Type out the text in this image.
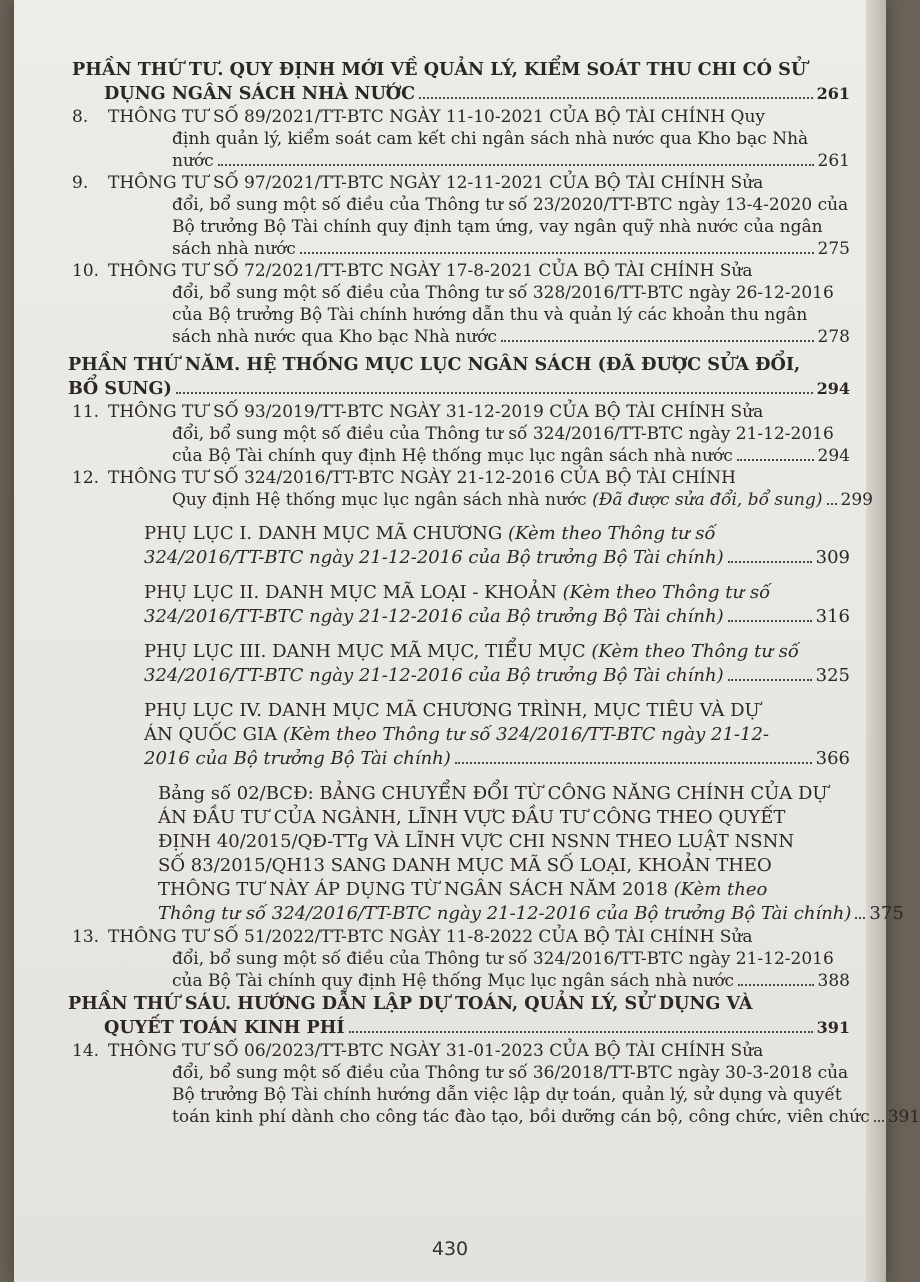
PHẦN THỨ TƯ. QUY ĐỊNH MỚI VỀ QUẢN LÝ, KIỂM SOÁT THU CHI CÓ SỬ
DỤNG NGÂN SÁCH NHÀ NƯỚC	261
8. THÔNG TƯ SỐ 89/2021/TT-BTC NGÀY 11-10-2021 CỦA BỘ TÀI CHÍNH Quy
định quản lý, kiểm soát cam kết chi ngân sách nhà nước qua Kho bạc Nhà
nước	261
9. THÔNG TƯ SỐ 97/2021/TT-BTC NGÀY 12-11-2021 CỦA BỘ TÀI CHÍNH Sửa
đổi, bổ sung một số điều của Thông tư số 23/2020/TT-BTC ngày 13-4-2020 của
Bộ trưởng Bộ Tài chính quy định tạm ứng, vay ngân quỹ nhà nước của ngân
sách nhà nước	275
10. THÔNG TƯ SỐ 72/2021/TT-BTC NGÀY 17-8-2021 CỦA BỘ TÀI CHÍNH Sửa
đổi, bổ sung một số điều của Thông tư số 328/2016/TT-BTC ngày 26-12-2016
của Bộ trưởng Bộ Tài chính hướng dẫn thu và quản lý các khoản thu ngân
sách nhà nước qua Kho bạc Nhà nước	278
PHẦN THỨ NĂM. HỆ THỐNG MỤC LỤC NGÂN SÁCH (ĐÃ ĐƯỢC SỬA ĐỔI,
BỔ SUNG)	294
11. THÔNG TƯ SỐ 93/2019/TT-BTC NGÀY 31-12-2019 CỦA BỘ TÀI CHÍNH Sửa
đổi, bổ sung một số điều của Thông tư số 324/2016/TT-BTC ngày 21-12-2016
của Bộ Tài chính quy định Hệ thống mục lục ngân sách nhà nước	294
12. THÔNG TƯ SỐ 324/2016/TT-BTC NGÀY 21-12-2016 CỦA BỘ TÀI CHÍNH
Quy định Hệ thống mục lục ngân sách nhà nước (Đã được sửa đổi, bổ sung) 299
PHỤ LỤC I. DANH MỤC MÃ CHƯƠNG (Kèm theo Thông tư số
324/2016/TT-BTC ngày 21-12-2016 của Bộ trưởng Bộ Tài chính)	309
PHỤ LỤC II. DANH MỤC MÃ LOẠI - KHOẢN (Kèm theo Thông tư số
324/2016/TT-BTC ngày 21-12-2016 của Bộ trưởng Bộ Tài chính)	316
PHỤ LỤC III. DANH MỤC MÃ MỤC, TIỂU MỤC (Kèm theo Thông tư số
324/2016/TT-BTC ngày 21-12-2016 của Bộ trưởng Bộ Tài chính)	325
PHỤ LỤC IV. DANH MỤC MÃ CHƯƠNG TRÌNH, MỤC TIÊU VÀ DỰ
ÁN QUỐC GIA (Kèm theo Thông tư số 324/2016/TT-BTC ngày 21-12-
2016 của Bộ trưởng Bộ Tài chính)	366
Bảng số 02/BCĐ: BẢNG CHUYỂN ĐỔI TỪ CÔNG NĂNG CHÍNH CỦA DỰ
ÁN ĐẦU TƯ CỦA NGÀNH, LĨNH VỰC ĐẦU TƯ CÔNG THEO QUYẾT
ĐỊNH 40/2015/QĐ-TTg VÀ LĨNH VỰC CHI NSNN THEO LUẬT NSNN
SỐ 83/2015/QH13 SANG DANH MỤC MÃ SỐ LOẠI, KHOẢN THEO
THÔNG TƯ NÀY ÁP DỤNG TỪ NGÂN SÁCH NĂM 2018 (Kèm theo
Thông tư số 324/2016/TT-BTC ngày 21-12-2016 của Bộ trưởng Bộ Tài chính) 375
13. THÔNG TƯ SỐ 51/2022/TT-BTC NGÀY 11-8-2022 CỦA BỘ TÀI CHÍNH Sửa
đổi, bổ sung một số điều của Thông tư số 324/2016/TT-BTC ngày 21-12-2016
của Bộ Tài chính quy định Hệ thống Mục lục ngân sách nhà nước	388
PHẦN THỨ SÁU. HƯỚNG DẪN LẬP DỰ TOÁN, QUẢN LÝ, SỬ DỤNG VÀ
QUYẾT TOÁN KINH PHÍ	391
14. THÔNG TƯ SỐ 06/2023/TT-BTC NGÀY 31-01-2023 CỦA BỘ TÀI CHÍNH Sửa
đổi, bổ sung một số điều của Thông tư số 36/2018/TT-BTC ngày 30-3-2018 của
Bộ trưởng Bộ Tài chính hướng dẫn việc lập dự toán, quản lý, sử dụng và quyết
toán kinh phí dành cho công tác đào tạo, bồi dưỡng cán bộ, công chức, viên chức 391
430
